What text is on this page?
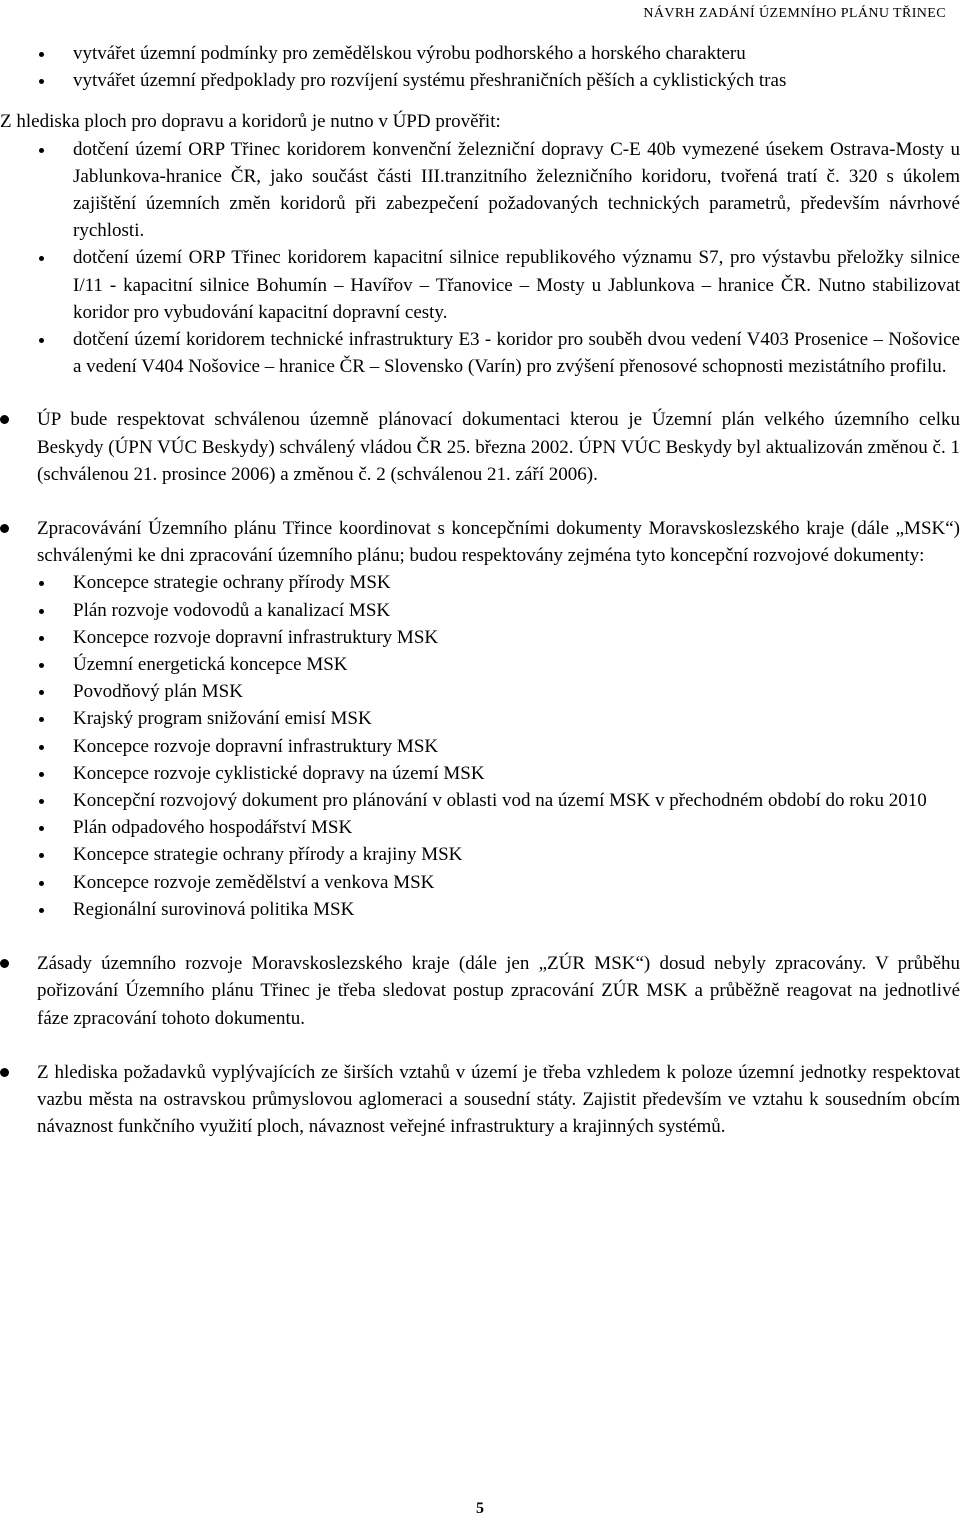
NÁVRH ZADÁNÍ ÚZEMNÍHO PLÁNU TŘINEC
vytvářet územní podmínky pro zemědělskou výrobu podhorského a horského charakteru
vytvářet územní předpoklady pro rozvíjení systému přeshraničních pěších a cyklistických tras

Z hlediska ploch pro dopravu a koridorů je nutno v ÚPD prověřit:

dotčení území ORP Třinec koridorem konvenční železniční dopravy C-E 40b vymezené úsekem Ostrava-Mosty u Jablunkova-hranice ČR, jako součást části III.tranzitního železničního koridoru, tvořená tratí č. 320 s úkolem zajištění územních změn koridorů při zabezpečení požadovaných technických parametrů, především návrhové rychlosti.
dotčení území ORP Třinec koridorem kapacitní silnice republikového významu S7, pro výstavbu přeložky silnice I/11 - kapacitní silnice Bohumín – Havířov – Třanovice – Mosty u Jablunkova – hranice ČR. Nutno stabilizovat koridor pro vybudování kapacitní dopravní cesty.
dotčení území koridorem technické infrastruktury E3 - koridor pro souběh dvou vedení V403 Prosenice – Nošovice a vedení V404 Nošovice – hranice ČR – Slovensko (Varín) pro zvýšení přenosové schopnosti mezistátního profilu.
ÚP bude respektovat schválenou územně plánovací dokumentaci kterou je Územní plán velkého územního celku Beskydy (ÚPN VÚC Beskydy) schválený vládou ČR 25. března 2002. ÚPN VÚC Beskydy byl aktualizován změnou č. 1 (schválenou 21. prosince 2006) a změnou č. 2 (schválenou 21. září 2006).
Zpracovávání Územního plánu Třince koordinovat s koncepčními dokumenty Moravskoslezského kraje (dále „MSK“) schválenými ke dni zpracování územního plánu; budou respektovány zejména tyto koncepční rozvojové dokumenty:
Koncepce strategie ochrany přírody MSK
Plán rozvoje vodovodů a kanalizací MSK
Koncepce rozvoje dopravní infrastruktury MSK
Územní energetická koncepce MSK
Povodňový plán MSK
Krajský program snižování emisí MSK
Koncepce rozvoje dopravní infrastruktury MSK
Koncepce rozvoje cyklistické dopravy na území MSK
Koncepční rozvojový dokument pro plánování v oblasti vod na území MSK v přechodném období do roku 2010
Plán odpadového hospodářství MSK
Koncepce strategie ochrany přírody a krajiny MSK
Koncepce rozvoje zemědělství a venkova MSK
Regionální surovinová politika MSK
Zásady územního rozvoje Moravskoslezského kraje (dále jen „ZÚR MSK“) dosud nebyly zpracovány. V průběhu pořizování Územního plánu Třinec je třeba sledovat postup zpracování ZÚR MSK a průběžně reagovat na jednotlivé fáze zpracování tohoto dokumentu.
Z hlediska požadavků vyplývajících ze širších vztahů v území je třeba vzhledem k poloze územní jednotky respektovat vazbu města na ostravskou průmyslovou aglomeraci a sousední státy. Zajistit především ve vztahu k sousedním obcím návaznost funkčního využití ploch, návaznost veřejné infrastruktury a krajinných systémů.
5
